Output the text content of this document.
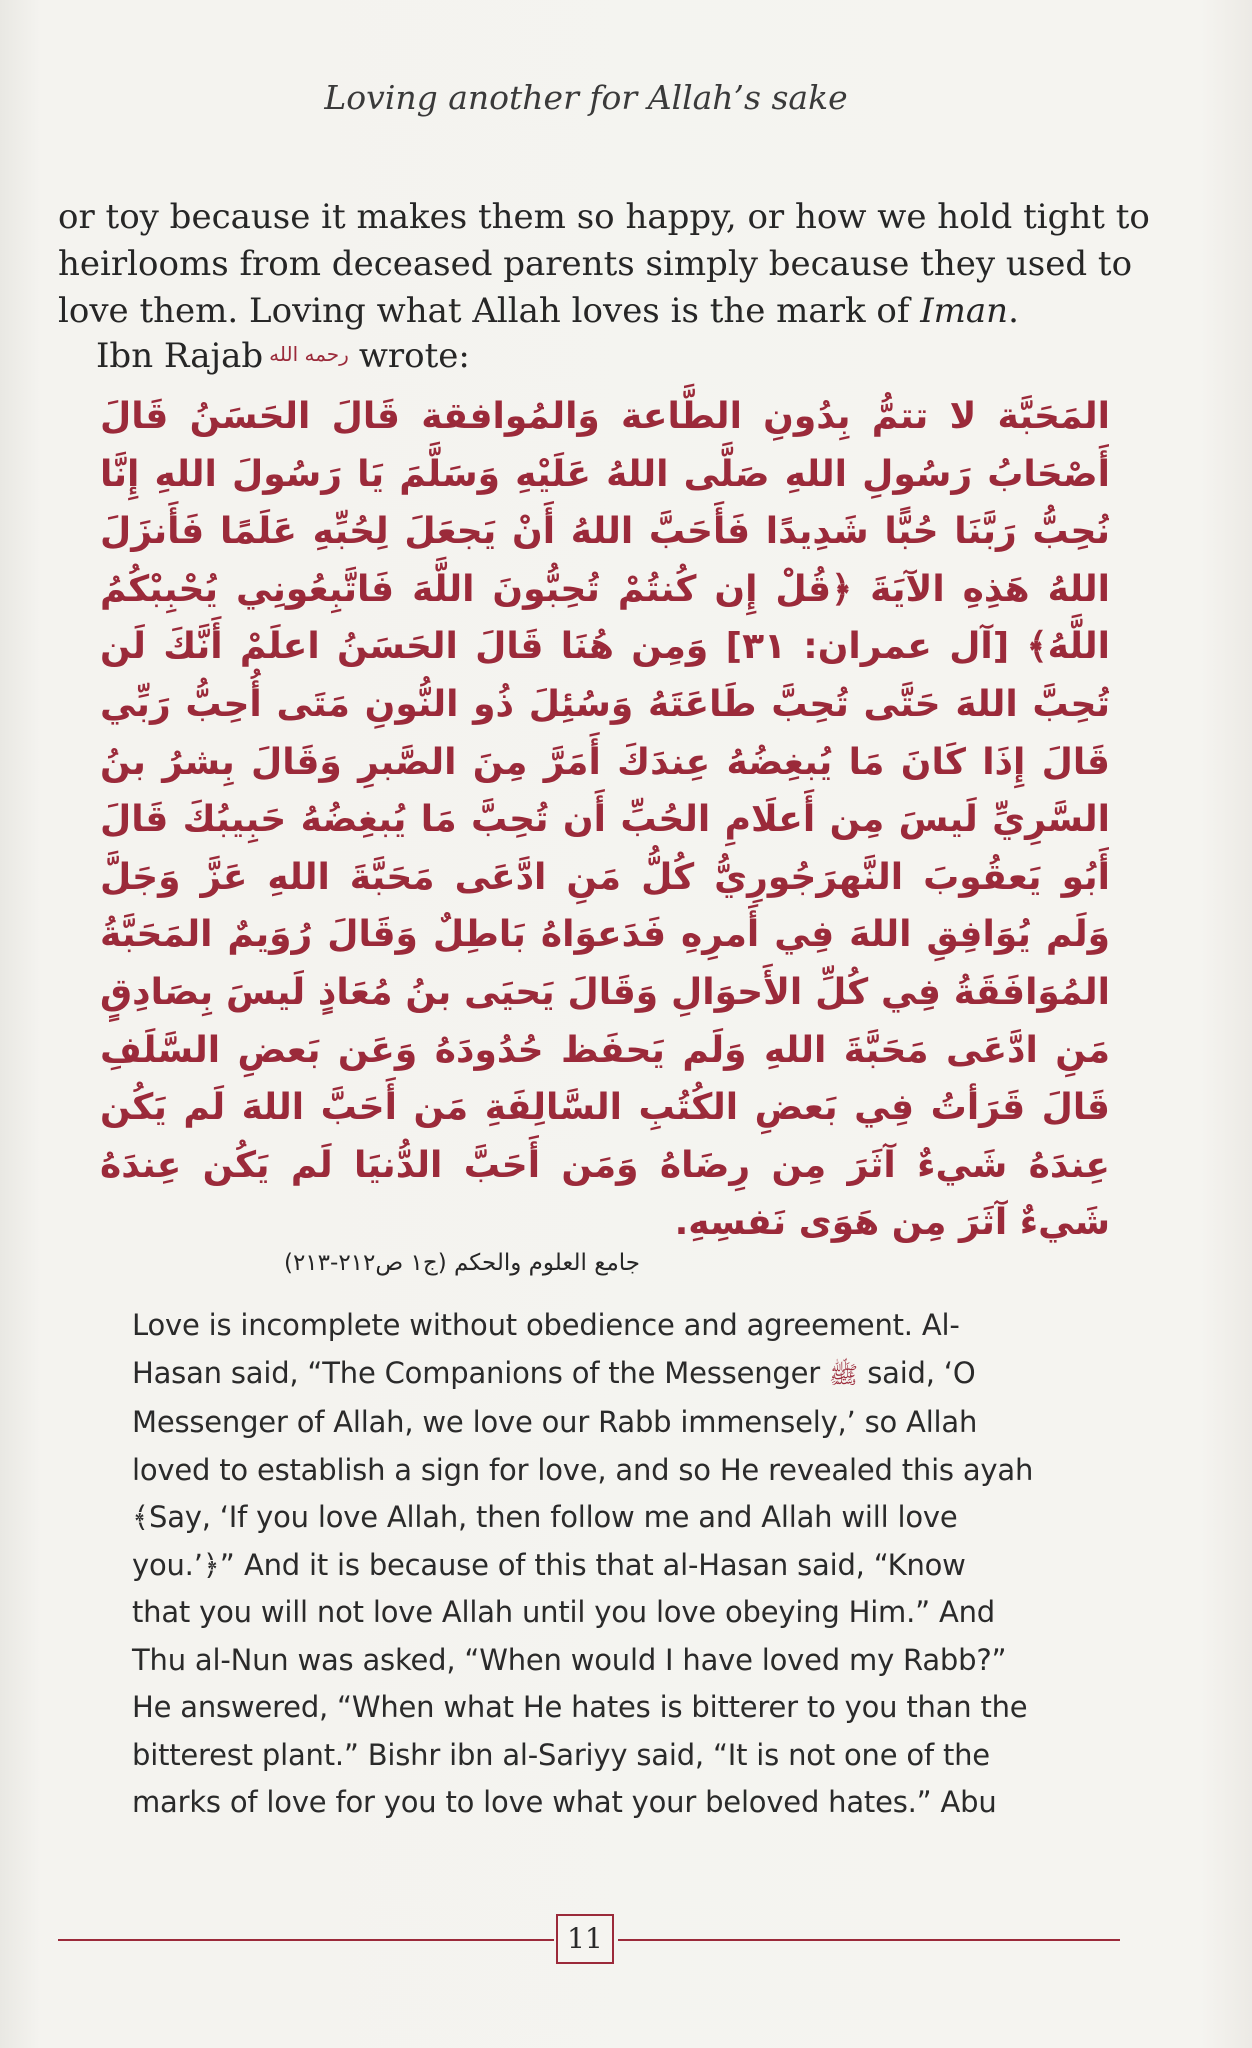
Loving another for Allah’s sake

or toy because it makes them so happy, or how we hold tight to
heirlooms from deceased parents simply because they used to
love them. Loving what Allah loves is the mark of Iman.

Ibn Rajab رحمه الله wrote:
المَحَبَّة لا تتمُّ بِدُونِ الطَّاعة وَالمُوافقة قَالَ الحَسَنُ قَالَ أَصْحَابُ رَسُولِ اللهِ صَلَّى اللهُ عَلَيْهِ وَسَلَّمَ يَا رَسُولَ اللهِ إِنَّا نُحِبُّ رَبَّنَا حُبًّا شَدِيدًا فَأَحَبَّ اللهُ أَنْ يَجعَلَ لِحُبِّهِ عَلَمًا فَأَنزَلَ اللهُ هَذِهِ الآيَةَ ﴿قُلْ إِن كُنتُمْ تُحِبُّونَ اللَّهَ فَاتَّبِعُونِي يُحْبِبْكُمُ اللَّهُ﴾ [آل عمران: ٣١] وَمِن هُنَا قَالَ الحَسَنُ اعلَمْ أَنَّكَ لَن تُحِبَّ اللهَ حَتَّى تُحِبَّ طَاعَتَهُ وَسُئِلَ ذُو النُّونِ مَتَى أُحِبُّ رَبِّي قَالَ إِذَا كَانَ مَا يُبغِضُهُ عِندَكَ أَمَرَّ مِنَ الصَّبرِ وَقَالَ بِشرُ بنُ السَّرِيِّ لَيسَ مِن أَعلَامِ الحُبِّ أَن تُحِبَّ مَا يُبغِضُهُ حَبِيبُكَ قَالَ أَبُو يَعقُوبَ النَّهرَجُورِيُّ كُلُّ مَنِ ادَّعَى مَحَبَّةَ اللهِ عَزَّ وَجَلَّ وَلَم يُوَافِقِ اللهَ فِي أَمرِهِ فَدَعوَاهُ بَاطِلٌ وَقَالَ رُوَيمٌ المَحَبَّةُ المُوَافَقَةُ فِي كُلِّ الأَحوَالِ وَقَالَ يَحيَى بنُ مُعَاذٍ لَيسَ بِصَادِقٍ مَنِ ادَّعَى مَحَبَّةَ اللهِ وَلَم يَحفَظ حُدُودَهُ وَعَن بَعضِ السَّلَفِ قَالَ قَرَأتُ فِي بَعضِ الكُتُبِ السَّالِفَةِ مَن أَحَبَّ اللهَ لَم يَكُن عِندَهُ شَيءٌ آثَرَ مِن رِضَاهُ وَمَن أَحَبَّ الدُّنيَا لَم يَكُن عِندَهُ شَيءٌ آثَرَ مِن هَوَى نَفسِهِ.
جامع العلوم والحكم (ج١ ص٢١٢-٢١٣)
Love is incomplete without obedience and agreement. Al-
Hasan said, “The Companions of the Messenger ﷺ said, ‘O
Messenger of Allah, we love our Rabb immensely,’ so Allah
loved to establish a sign for love, and so He revealed this ayah
﴾Say, ‘If you love Allah, then follow me and Allah will love
you.’﴿” And it is because of this that al-Hasan said, “Know
that you will not love Allah until you love obeying Him.” And
Thu al-Nun was asked, “When would I have loved my Rabb?”
He answered, “When what He hates is bitterer to you than the
bitterest plant.” Bishr ibn al-Sariyy said, “It is not one of the
marks of love for you to love what your beloved hates.” Abu
11
